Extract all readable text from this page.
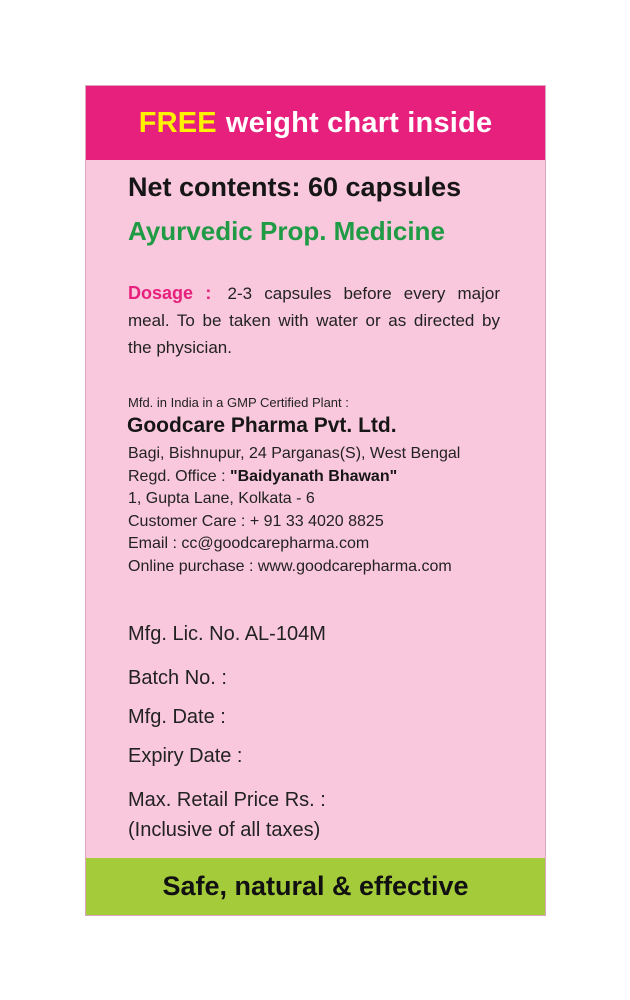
FREE weight chart inside
Net contents: 60 capsules
Ayurvedic Prop. Medicine
Dosage : 2-3 capsules before every major meal. To be taken with water or as directed by the physician.
Mfd. in India in a GMP Certified Plant :
Goodcare Pharma Pvt. Ltd.
Bagi, Bishnupur, 24 Parganas(S), West Bengal
Regd. Office : "Baidyanath Bhawan"
1, Gupta Lane, Kolkata - 6
Customer Care : + 91 33 4020 8825
Email : cc@goodcarepharma.com
Online purchase : www.goodcarepharma.com
Mfg. Lic. No. AL-104M
Batch No. :
Mfg. Date :
Expiry Date :
Max. Retail Price Rs. :
(Inclusive of all taxes)
Safe, natural & effective
